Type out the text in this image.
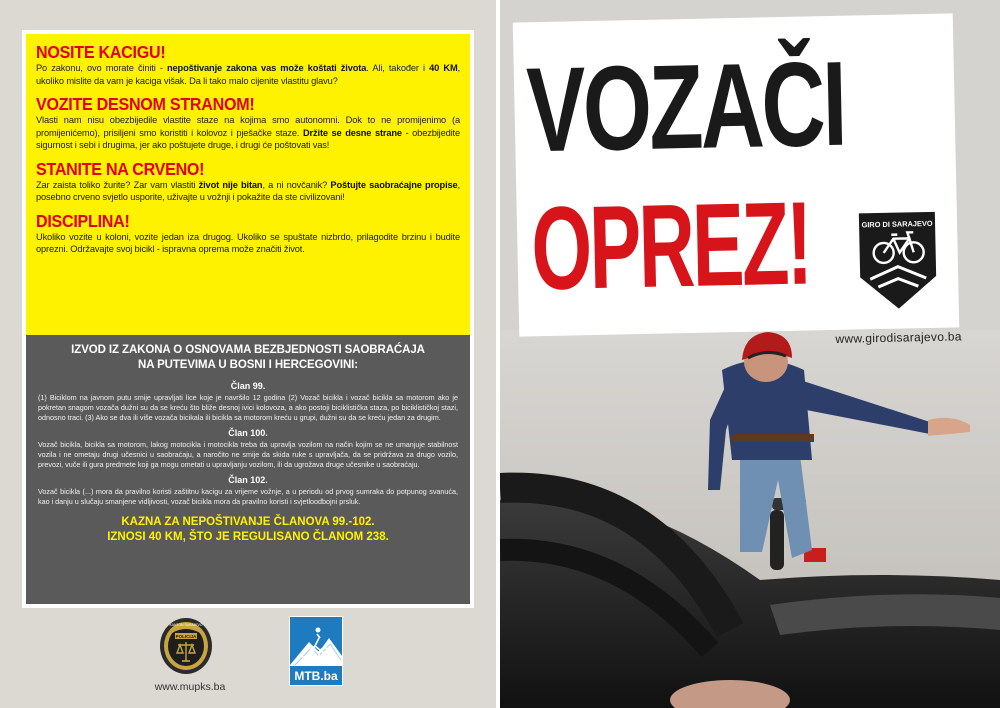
NOSITE KACIGU!
Po zakonu, ovo morate činiti - nepoštivanje zakona vas može koštati života. Ali, također i 40 KM, ukoliko mislite da vam je kaciga višak. Da li tako malo cijenite vlastitu glavu?
VOZITE DESNOM STRANOM!
Vlasti nam nisu obezbijedile vlastite staze na kojima smo autonomni. Dok to ne promijenimo (a promijenićemo), prisiljeni smo koristiti i kolovoz i pješačke staze. Držite se desne strane - obezbijedite sigurnost i sebi i drugima, jer ako poštujete druge, i drugi će poštovati vas!
STANITE NA CRVENO!
Zar zaista toliko žurite? Zar vam vlastiti život nije bitan, a ni novčanik? Poštujte saobraćajne propise, posebno crveno svjetlo usporite, uživajte u vožnji i pokažite da ste civilizovani!
DISCIPLINA!
Ukoliko vozite u koloni, vozite jedan iza drugog. Ukoliko se spuštate nizbrdo, prilagodite brzinu i budite oprezni. Održavajte svoj bicikl - ispravna oprema može značiti život.
IZVOD IZ ZAKONA O OSNOVAMA BEZBJEDNOSTI SAOBRAĆAJA
NA PUTEVIMA U BOSNI I HERCEGOVINI:
Član 99.
(1) Biciklom na javnom putu smije upravljati lice koje je navršilo 12 godina (2) Vozač bicikla i vozač bicikla sa motorom ako je pokretan snagom vozača dužni su da se kreću što bliže desnoj ivici kolovoza, a ako postoji biciklistička staza, po biciklističkoj stazi, odnosno traci. (3) Ako se dva ili više vozača bicikala ili bicikla sa motorom kreću u grupi, dužni su da se kreću jedan za drugim.
Član 100.
Vozač bicikla, bicikla sa motorom, lakog motocikla i motocikla treba da upravlja vozilom na način kojim se ne umanjuje stabilnost vozila i ne ometaju drugi učesnici u saobraćaju, a naročito ne smije da skida ruke s upravljača, da se pridržava za drugo vozilo, prevozi, vuče ili gura predmete koji ga mogu ometati u upravljanju vozilom, ili da ugrožava druge učesnike u saobraćaju.
Član 102.
Vozač bicikla (...) mora da pravilno koristi zaštitnu kacigu za vrijeme vožnje, a u periodu od prvog sumraka do potpunog svanuća, kao i danju u slučaju smanjene vidljivosti, vozač bicikla mora da pravilno koristi i svjetloodbojni prsluk.
KAZNA ZA NEPOŠTIVANJE ČLANOVA 99.-102.
IZNOSI 40 KM, ŠTO JE REGULISANO ČLANOM 238.
KANTON SARAJEVO
POLICIJA
www.mupks.ba
MTB.ba
VOZAČI
OPREZ!	GIRO DI SARAJEVO
www.girodisarajevo.ba
